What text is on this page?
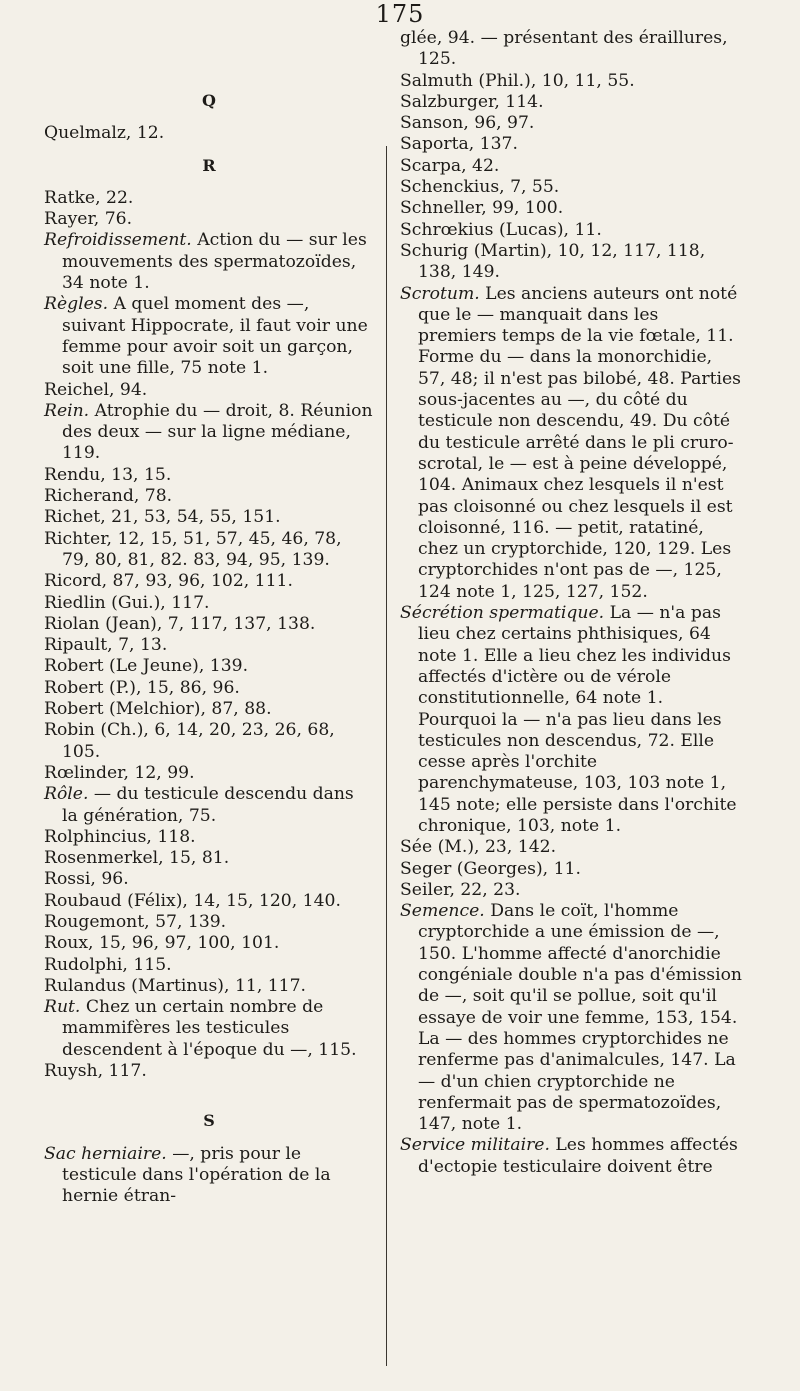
175
Q

Quelmalz, 12.

R

Ratke, 22.

Rayer, 76.

Refroidissement. Action du — sur les mouvements des spermatozoïdes, 34 note 1.

Règles. A quel moment des —, suivant Hippocrate, il faut voir une femme pour avoir soit un garçon, soit une fille, 75 note 1.

Reichel, 94.

Rein. Atrophie du — droit, 8. Réunion des deux — sur la ligne médiane, 119.

Rendu, 13, 15.

Richerand, 78.

Richet, 21, 53, 54, 55, 151.

Richter, 12, 15, 51, 57, 45, 46, 78, 79, 80, 81, 82. 83, 94, 95, 139.

Ricord, 87, 93, 96, 102, 111.

Riedlin (Gui.), 117.

Riolan (Jean), 7, 117, 137, 138.

Ripault, 7, 13.

Robert (Le Jeune), 139.

Robert (P.), 15, 86, 96.

Robert (Melchior), 87, 88.

Robin (Ch.), 6, 14, 20, 23, 26, 68, 105.

Rœlinder, 12, 99.

Rôle. — du testicule descendu dans la génération, 75.

Rolphincius, 118.

Rosenmerkel, 15, 81.

Rossi, 96.

Roubaud (Félix), 14, 15, 120, 140.

Rougemont, 57, 139.

Roux, 15, 96, 97, 100, 101.

Rudolphi, 115.

Rulandus (Martinus), 11, 117.

Rut. Chez un certain nombre de mammifères les testicules descendent à l'époque du —, 115.

Ruysh, 117.

S

Sac herniaire. —, pris pour le testicule dans l'opération de la hernie étran-

glée, 94. — présentant des éraillures, 125.

Salmuth (Phil.), 10, 11, 55.

Salzburger, 114.

Sanson, 96, 97.

Saporta, 137.

Scarpa, 42.

Schenckius, 7, 55.

Schneller, 99, 100.

Schrœkius (Lucas), 11.

Schurig (Martin), 10, 12, 117, 118, 138, 149.

Scrotum. Les anciens auteurs ont noté que le — manquait dans les premiers temps de la vie fœtale, 11. Forme du — dans la monorchidie, 57, 48; il n'est pas bilobé, 48. Parties sous-jacentes au —, du côté du testicule non descendu, 49. Du côté du testicule arrêté dans le pli cruro-scrotal, le — est à peine développé, 104. Animaux chez lesquels il n'est pas cloisonné ou chez lesquels il est cloisonné, 116. — petit, ratatiné, chez un cryptorchide, 120, 129. Les cryptorchides n'ont pas de —, 125, 124 note 1, 125, 127, 152.

Sécrétion spermatique. La — n'a pas lieu chez certains phthisiques, 64 note 1. Elle a lieu chez les individus affectés d'ictère ou de vérole constitutionnelle, 64 note 1. Pourquoi la — n'a pas lieu dans les testicules non descendus, 72. Elle cesse après l'orchite parenchymateuse, 103, 103 note 1, 145 note; elle persiste dans l'orchite chronique, 103, note 1.

Sée (M.), 23, 142.

Seger (Georges), 11.

Seiler, 22, 23.

Semence. Dans le coït, l'homme cryptorchide a une émission de —, 150. L'homme affecté d'anorchidie congéniale double n'a pas d'émission de —, soit qu'il se pollue, soit qu'il essaye de voir une femme, 153, 154. La — des hommes cryptorchides ne renferme pas d'animalcules, 147. La — d'un chien cryptorchide ne renfermait pas de spermatozoïdes, 147, note 1.

Service militaire. Les hommes affectés d'ectopie testiculaire doivent être
